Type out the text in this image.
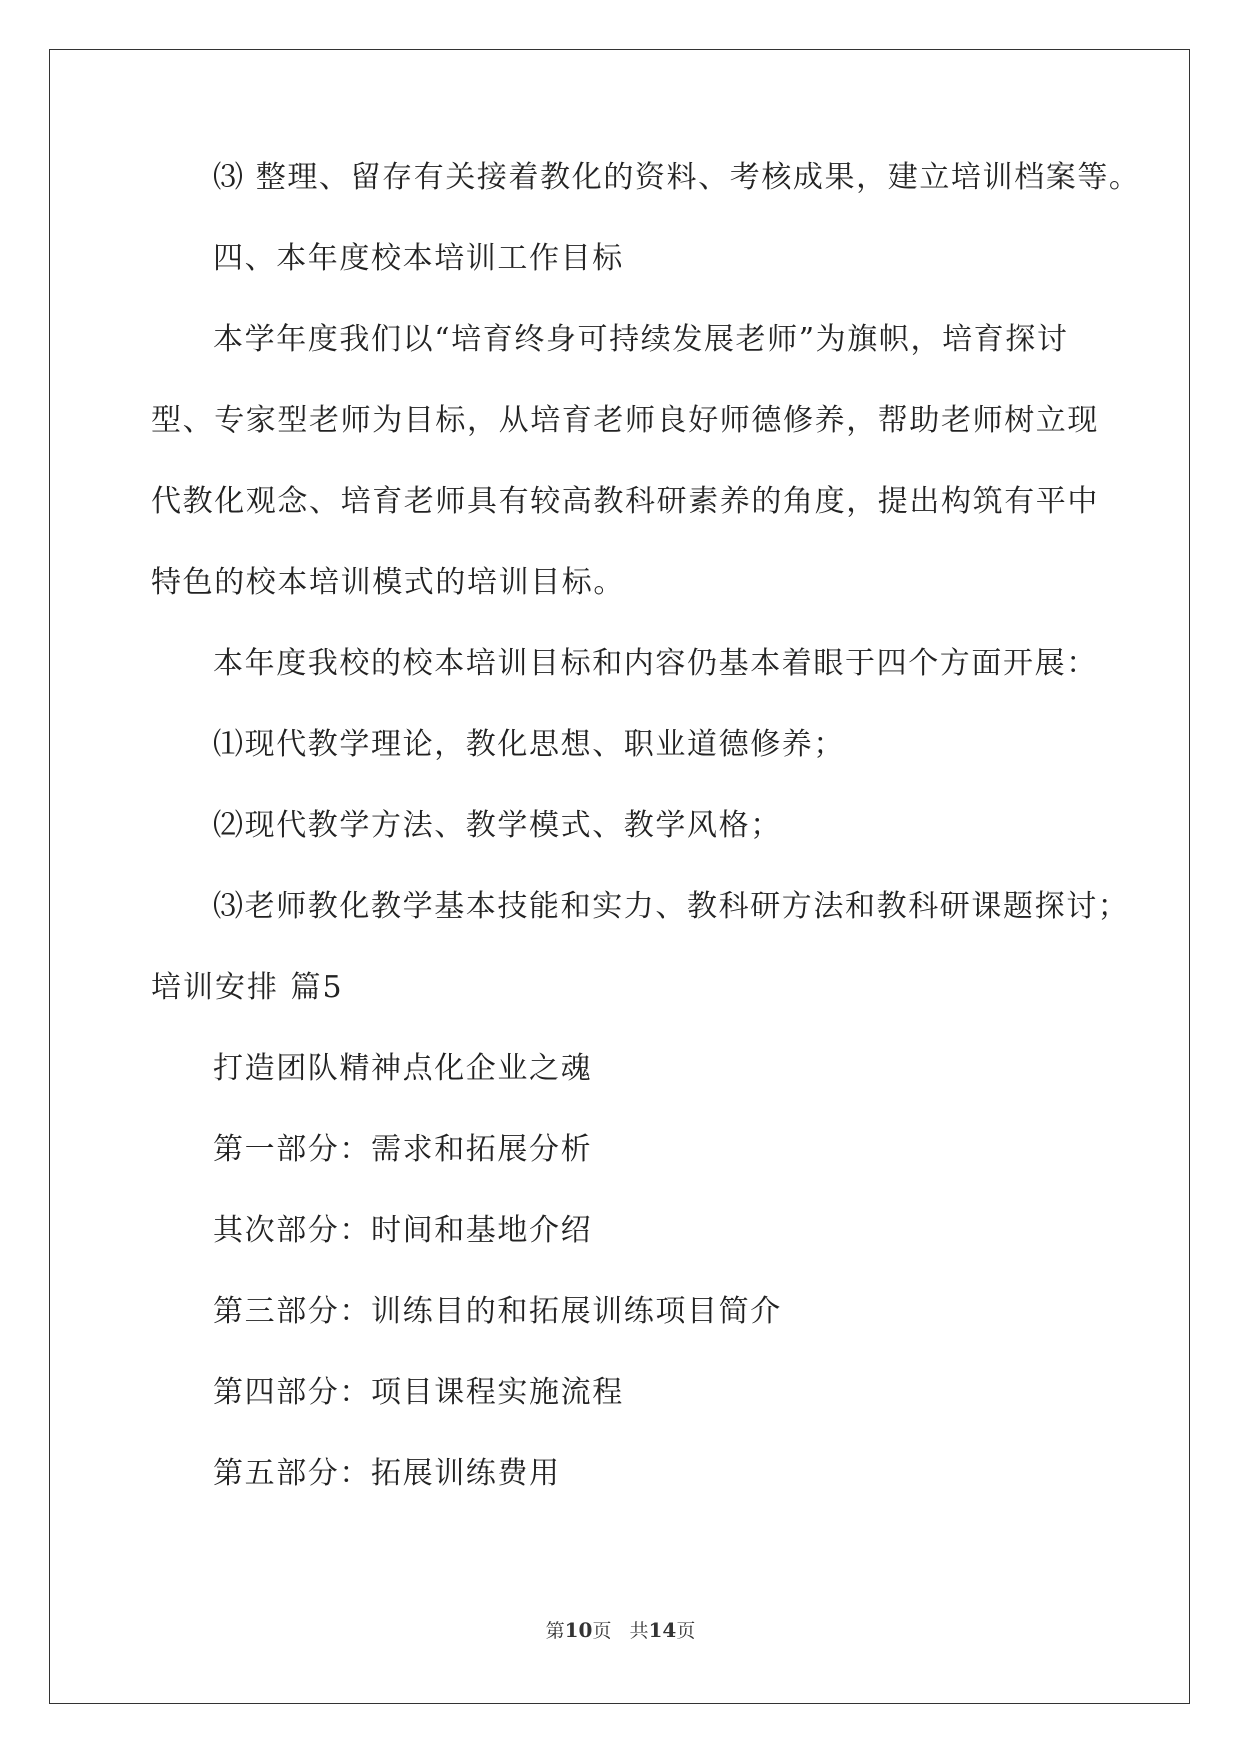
⑶ 整理、留存有关接着教化的资料、考核成果，建立培训档案等。
四、本年度校本培训工作目标
本学年度我们以“培育终身可持续发展老师”为旗帜，培育探讨
型、专家型老师为目标，从培育老师良好师德修养，帮助老师树立现
代教化观念、培育老师具有较高教科研素养的角度，提出构筑有平中
特色的校本培训模式的培训目标。
本年度我校的校本培训目标和内容仍基本着眼于四个方面开展：
⑴现代教学理论，教化思想、职业道德修养；
⑵现代教学方法、教学模式、教学风格；
⑶老师教化教学基本技能和实力、教科研方法和教科研课题探讨；
培训安排 篇5
打造团队精神点化企业之魂
第一部分：需求和拓展分析
其次部分：时间和基地介绍
第三部分：训练目的和拓展训练项目简介
第四部分：项目课程实施流程
第五部分：拓展训练费用
第10页 共14页
